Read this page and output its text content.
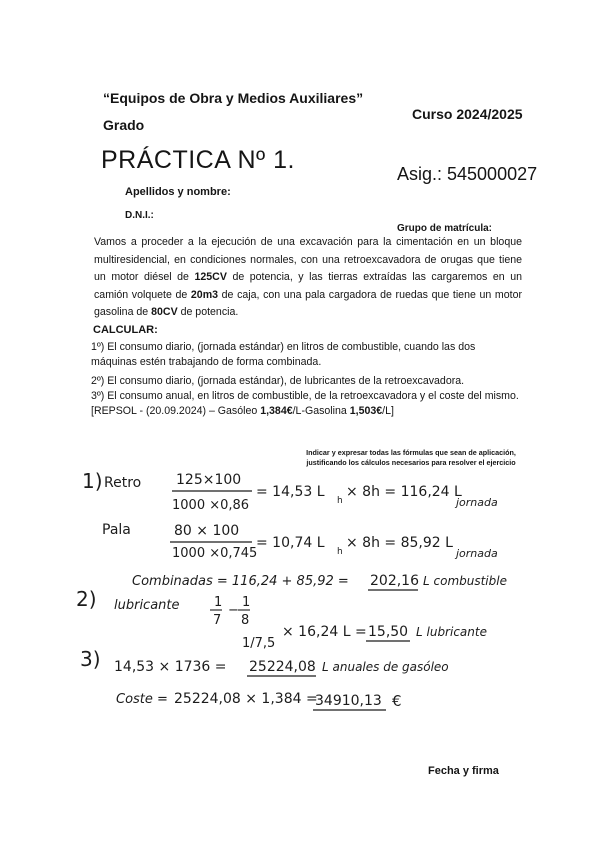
“Equipos de Obra y Medios Auxiliares”
Grado
Curso 2024/2025
PRÁCTICA Nº 1.	Asig.: 545000027
Apellidos y nombre:
D.N.I.:
Grupo de matrícula:
Vamos a proceder a la ejecución de una excavación para la cimentación en un bloque multiresidencial, en condiciones normales, con una retroexcavadora de orugas que tiene un motor diésel de 125CV de potencia, y las tierras extraídas las cargaremos en un camión volquete de 20m3 de caja, con una pala cargadora de ruedas que tiene un motor gasolina de 80CV de potencia.
CALCULAR:
1º) El consumo diario, (jornada estándar) en litros de combustible, cuando las dos máquinas estén trabajando de forma combinada.
2º) El consumo diario, (jornada estándar), de lubricantes de la retroexcavadora.
3º) El consumo anual, en litros de combustible, de la retroexcavadora y el coste del mismo. [REPSOL - (20.09.2024) – Gasóleo 1,384€/L-Gasolina 1,503€/L]
Indicar y expresar todas las fórmulas que sean de aplicación, justificando los cálculos necesarios para resolver el ejercicio
1) Retro 125×100
1000 ×0,86
= 14,53 L
h
× 8h = 116,24 L
jornada
Pala	80 × 100
1000 ×0,745
= 10,74 L
h
× 8h = 85,92 L
jornada
Combinadas = 116,24 + 85,92 = 202,16 L combustible
2) lubricante	1
7
−
1
8
1/7,5
× 16,24 L = 15,50 L lubricante
3) 14,53 × 1736 = 25224,08 L anuales de gasóleo
Coste = 25224,08 × 1,384 =
34910,13 €
Fecha y firma
